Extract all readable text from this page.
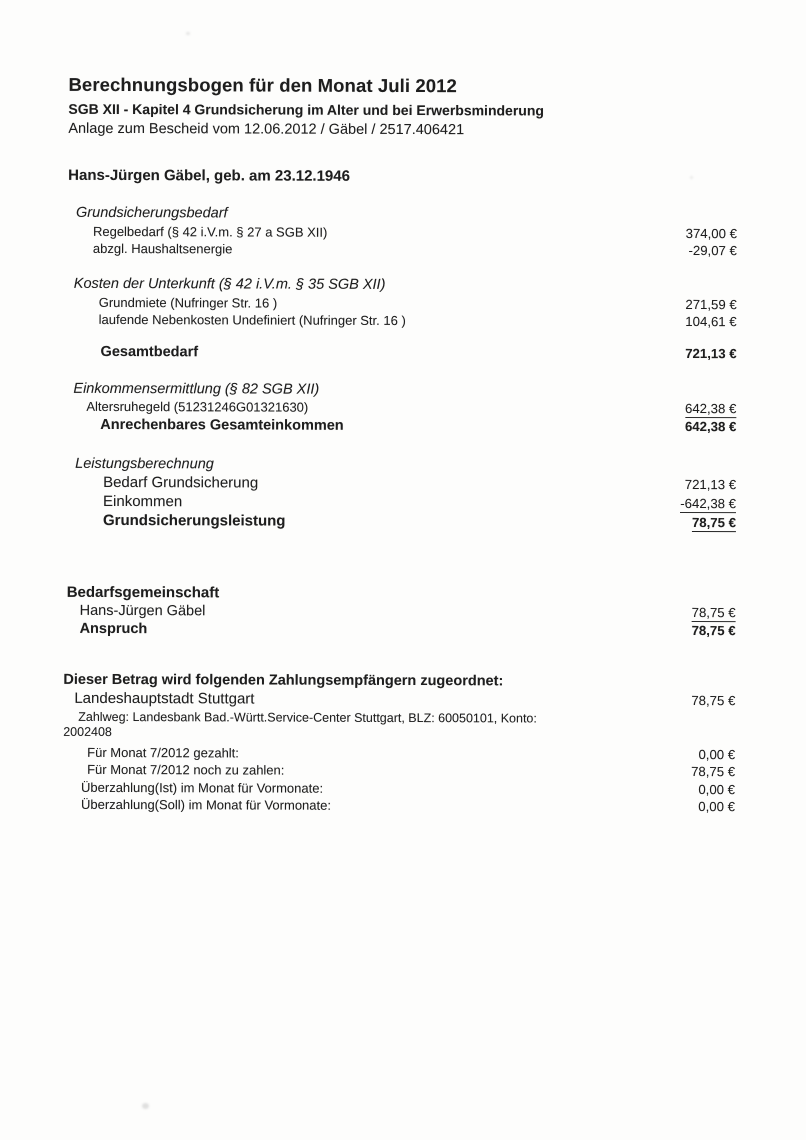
Berechnungsbogen für den Monat Juli 2012
SGB XII - Kapitel 4 Grundsicherung im Alter und bei Erwerbsminderung

Anlage zum Bescheid vom 12.06.2012 / Gäbel / 2517.406421

Hans-Jürgen Gäbel, geb. am 23.12.1946
Grundsicherungsbedarf
Regelbedarf (§ 42 i.V.m. § 27 a SGB XII)	374,00 €
abzgl. Haushaltsenergie	-29,07 €
Kosten der Unterkunft (§ 42 i.V.m. § 35 SGB XII)
Grundmiete (Nufringer Str. 16 )	271,59 €
laufende Nebenkosten Undefiniert (Nufringer Str. 16 )	104,61 €
Gesamtbedarf	721,13 €
Einkommensermittlung (§ 82 SGB XII)
Altersruhegeld (51231246G01321630)	642,38 €
Anrechenbares Gesamteinkommen	642,38 €
Leistungsberechnung
Bedarf Grundsicherung	721,13 €
Einkommen	-642,38 €
Grundsicherungsleistung	78,75 €
Bedarfsgemeinschaft
Hans-Jürgen Gäbel	78,75 €
Anspruch	78,75 €
Dieser Betrag wird folgenden Zahlungsempfängern zugeordnet:
Landeshauptstadt Stuttgart	78,75 €
Zahlweg: Landesbank Bad.-Württ.Service-Center Stuttgart, BLZ: 60050101, Konto:
2002408
Für Monat 7/2012 gezahlt:	0,00 €
Für Monat 7/2012 noch zu zahlen:	78,75 €
Überzahlung(Ist) im Monat für Vormonate:	0,00 €
Überzahlung(Soll) im Monat für Vormonate:	0,00 €
